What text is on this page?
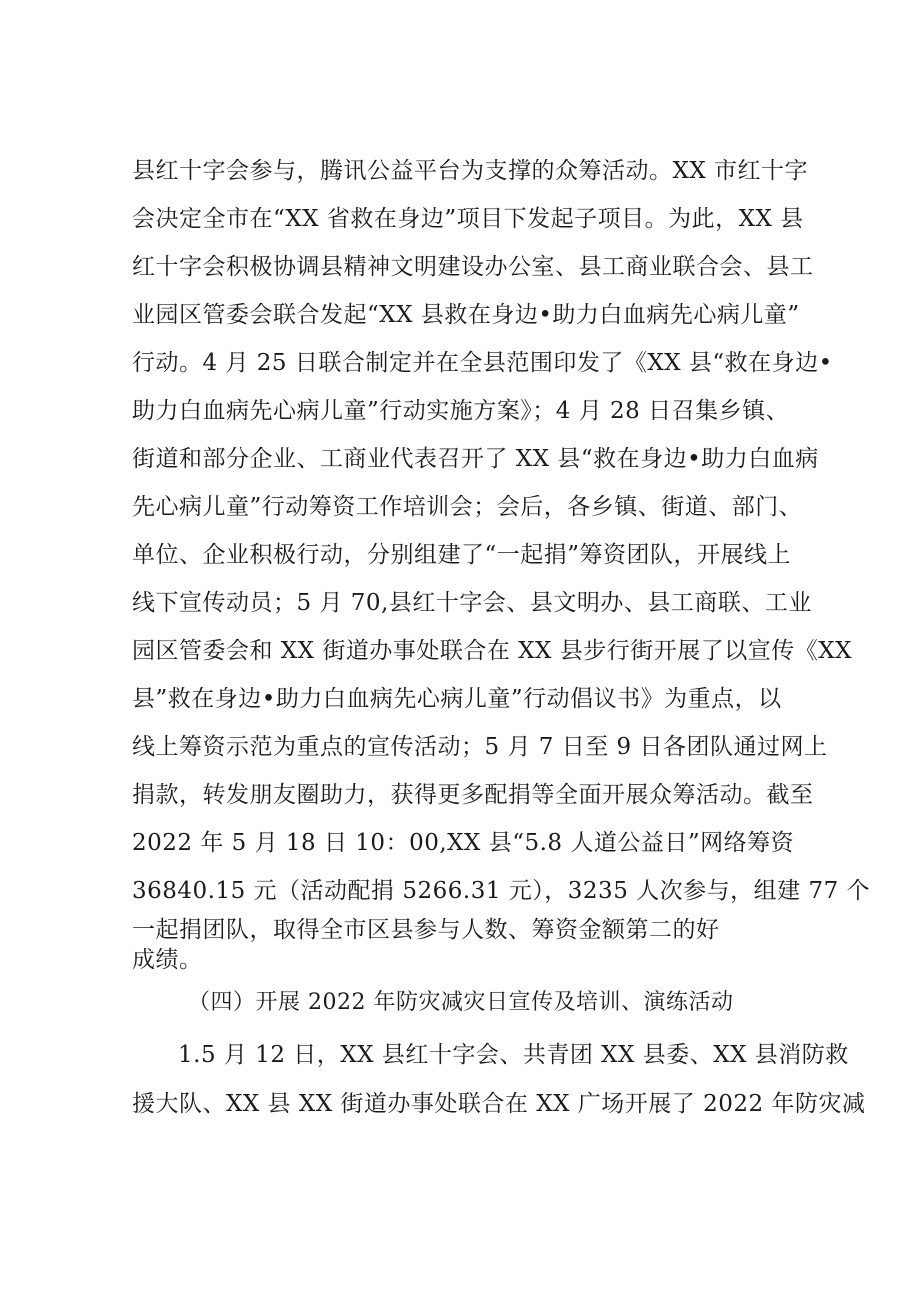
县红十字会参与，腾讯公益平台为支撑的众筹活动。XX 市红十字
会决定全市在“XX 省救在身边”项目下发起子项目。为此，XX 县
红十字会积极协调县精神文明建设办公室、县工商业联合会、县工
业园区管委会联合发起“XX 县救在身边•助力白血病先心病儿童”
行动。4 月 25 日联合制定并在全县范围印发了《XX 县“救在身边•
助力白血病先心病儿童”行动实施方案》；4 月 28 日召集乡镇、
街道和部分企业、工商业代表召开了 XX 县“救在身边•助力白血病
先心病儿童”行动筹资工作培训会；会后，各乡镇、街道、部门、
单位、企业积极行动，分别组建了“一起捐”筹资团队，开展线上
线下宣传动员；5 月 70,县红十字会、县文明办、县工商联、工业
园区管委会和 XX 街道办事处联合在 XX 县步行街开展了以宣传《XX
县”救在身边•助力白血病先心病儿童”行动倡议书》为重点，以
线上筹资示范为重点的宣传活动；5 月 7 日至 9 日各团队通过网上
捐款，转发朋友圈助力，获得更多配捐等全面开展众筹活动。截至
2022 年 5 月 18 日 10：00,XX 县“5.8 人道公益日”网络筹资
36840.15 元（活动配捐 5266.31 元），3235 人次参与，组建 77 个
一起捐团队，取得全市区县参与人数、筹资金额第二的好
成绩。
（四）开展 2022 年防灾减灾日宣传及培训、演练活动
1.5 月 12 日，XX 县红十字会、共青团 XX 县委、XX 县消防救
援大队、XX 县 XX 街道办事处联合在 XX 广场开展了 2022 年防灾减
